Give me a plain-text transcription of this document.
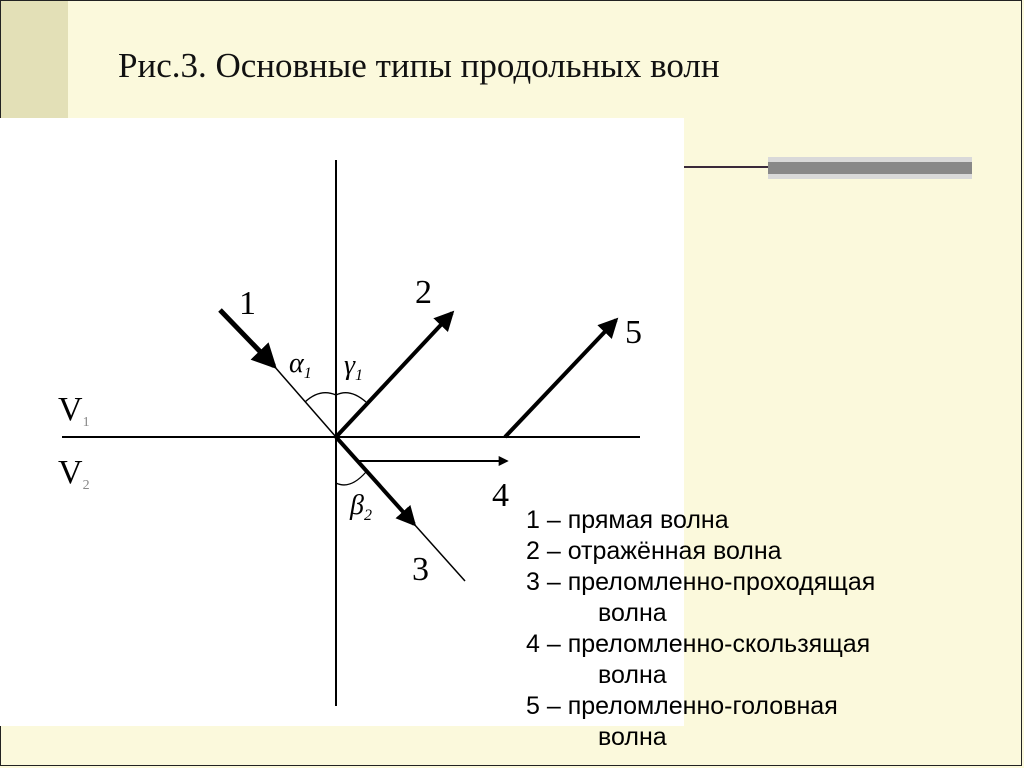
Рис.3. Основные типы продольных волн
V1
V2
1	2
3
4
5
$\alpha_1$ $\gamma_1$
$\beta_2$	1 – прямая волна
2 – отражённая волна
3 – преломленно-проходящая
волна
4 – преломленно-скользящая
волна
5 – преломленно-головная
волна
